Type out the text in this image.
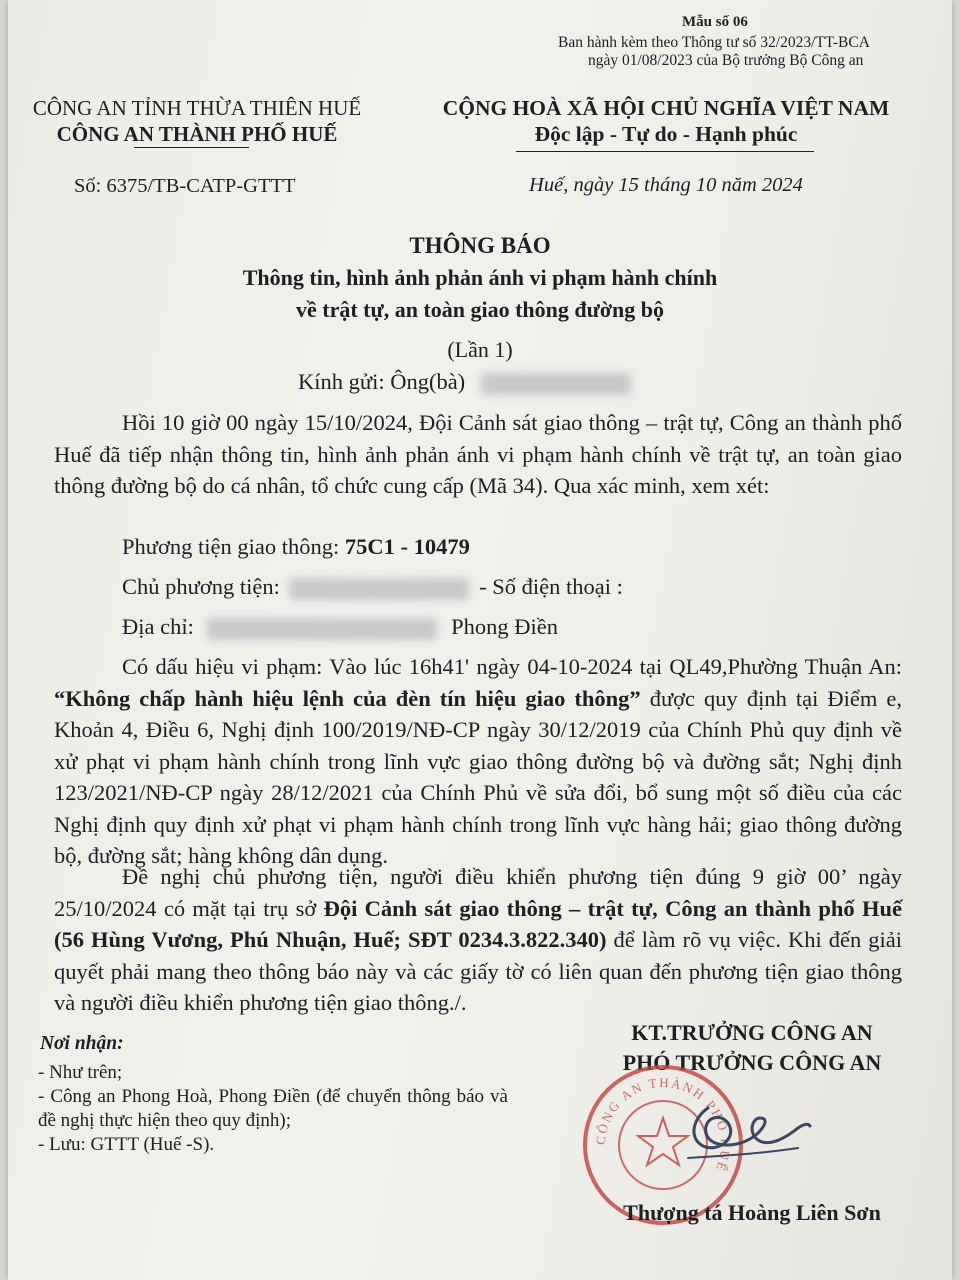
Mẫu số 06
Ban hành kèm theo Thông tư số 32/2023/TT-BCA
ngày 01/08/2023 của Bộ trưởng Bộ Công an
CÔNG AN TỈNH THỪA THIÊN HUẾ
CÔNG AN THÀNH PHỐ HUẾ
Số: 6375/TB-CATP-GTTT
CỘNG HOÀ XÃ HỘI CHỦ NGHĨA VIỆT NAM
Độc lập - Tự do - Hạnh phúc
Huế, ngày 15 tháng 10 năm 2024
THÔNG BÁO
Thông tin, hình ảnh phản ánh vi phạm hành chính
về trật tự, an toàn giao thông đường bộ
(Lần 1)
Kính gửi: Ông(bà)

Hồi 10 giờ 00 ngày 15/10/2024, Đội Cảnh sát giao thông – trật tự, Công an thành phố Huế đã tiếp nhận thông tin, hình ảnh phản ánh vi phạm hành chính về trật tự, an toàn giao thông đường bộ do cá nhân, tổ chức cung cấp (Mã 34). Qua xác minh, xem xét:

Phương tiện giao thông: 75C1 - 10479
Chủ phương tiện:	- Số điện thoại :
Địa chỉ:	Phong Điền

Có dấu hiệu vi phạm: Vào lúc 16h41' ngày 04-10-2024 tại QL49,Phường Thuận An: “Không chấp hành hiệu lệnh của đèn tín hiệu giao thông” được quy định tại Điểm e, Khoản 4, Điều 6, Nghị định 100/2019/NĐ-CP ngày 30/12/2019 của Chính Phủ quy định về xử phạt vi phạm hành chính trong lĩnh vực giao thông đường bộ và đường sắt; Nghị định 123/2021/NĐ-CP ngày 28/12/2021 của Chính Phủ về sửa đổi, bổ sung một số điều của các Nghị định quy định xử phạt vi phạm hành chính trong lĩnh vực hàng hải; giao thông đường bộ, đường sắt; hàng không dân dụng.

Đề nghị chủ phương tiện, người điều khiển phương tiện đúng 9 giờ 00’ ngày 25/10/2024 có mặt tại trụ sở Đội Cảnh sát giao thông – trật tự, Công an thành phố Huế (56 Hùng Vương, Phú Nhuận, Huế; SĐT 0234.3.822.340) để làm rõ vụ việc. Khi đến giải quyết phải mang theo thông báo này và các giấy tờ có liên quan đến phương tiện giao thông và người điều khiển phương tiện giao thông./.

Nơi nhận:
- Như trên;
- Công an Phong Hoà, Phong Điền (để chuyển thông báo và đề nghị thực hiện theo quy định);
- Lưu: GTTT (Huế -S).
KT.TRƯỞNG CÔNG AN
PHÓ TRƯỞNG CÔNG AN
CÔNG AN THÀNH PHỐ HUẾ
Thượng tá Hoàng Liên Sơn
